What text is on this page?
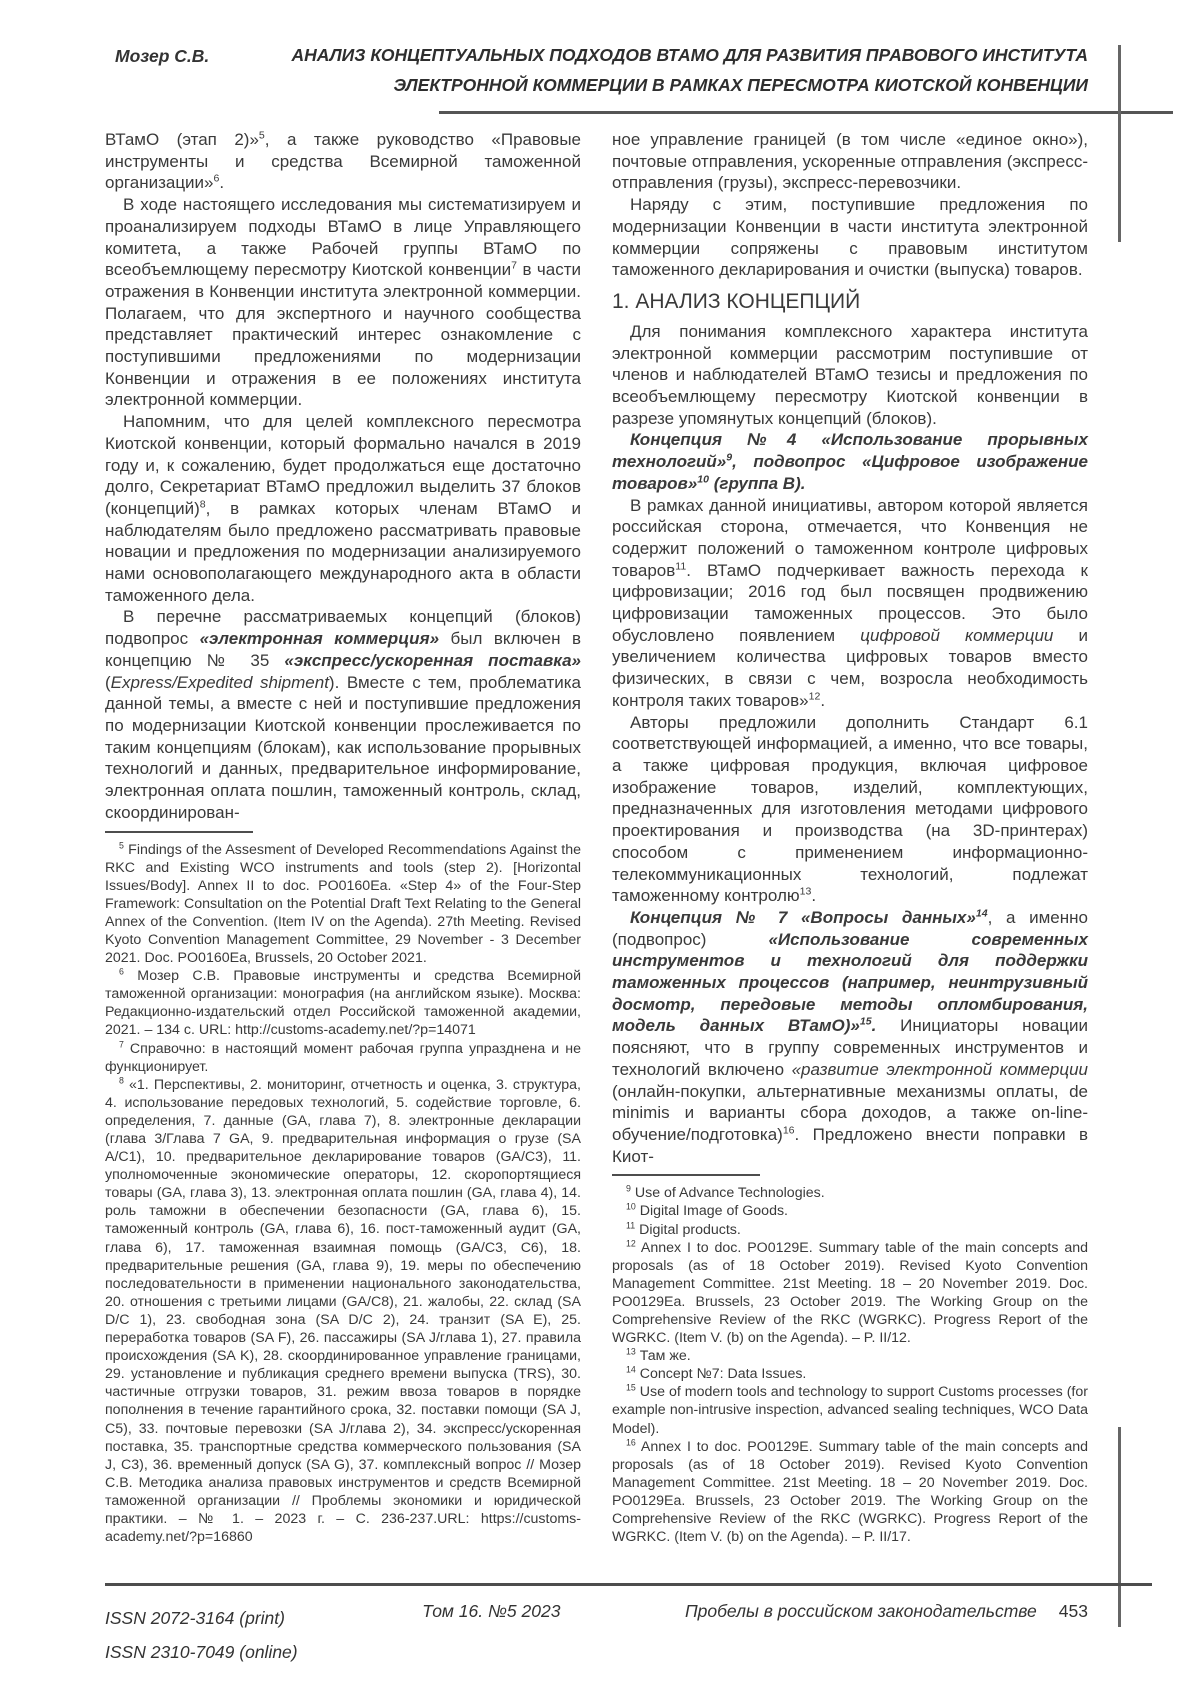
Мозер С.В.	АНАЛИЗ КОНЦЕПТУАЛЬНЫХ ПОДХОДОВ ВТАМО ДЛЯ РАЗВИТИЯ ПРАВОВОГО ИНСТИТУТА
ЭЛЕКТРОННОЙ КОММЕРЦИИ В РАМКАХ ПЕРЕСМОТРА КИОТСКОЙ КОНВЕНЦИИ

ВТамО (этап 2)»$^5$, а также руководство «Правовые инструменты и средства Всемирной таможенной организации»$^6$.

В ходе настоящего исследования мы систематизируем и проанализируем подходы ВТамО в лице Управляющего комитета, а также Рабочей группы ВТамО по всеобъемлющему пересмотру Киотской конвенции$^7$ в части отражения в Конвенции института электронной коммерции. Полагаем, что для экспертного и научного сообщества представляет практический интерес ознакомление с поступившими предложениями по модернизации Конвенции и отражения в ее положениях института электронной коммерции.

Напомним, что для целей комплексного пересмотра Киотской конвенции, который формально начался в 2019 году и, к сожалению, будет продолжаться еще достаточно долго, Секретариат ВТамО предложил выделить 37 блоков (концепций)$^8$, в рамках которых членам ВТамО и наблюдателям было предложено рассматривать правовые новации и предложения по модернизации анализируемого нами основополагающего международного акта в области таможенного дела.

В перечне рассматриваемых концепций (блоков) подвопрос «электронная коммерция» был включен в концепцию № 35 «экспресс/ускоренная поставка» (Express/Expedited shipment). Вместе с тем, проблематика данной темы, а вместе с ней и поступившие предложения по модернизации Киотской конвенции прослеживается по таким концепциям (блокам), как использование прорывных технологий и данных, предварительное информирование, электронная оплата пошлин, таможенный контроль, склад, скоординирован-

$^5$ Findings of the Assesment of Developed Recommendations Against the RKC and Existing WCO instruments and tools (step 2). [Horizontal Issues/Body]. Annex II to doc. PO0160Ea. «Step 4» of the Four-Step Framework: Consultation on the Potential Draft Text Relating to the General Annex of the Convention. (Item IV on the Agenda). 27th Meeting. Revised Kyoto Convention Management Committee, 29 November - 3 December 2021. Doc. PO0160Ea, Brussels, 20 October 2021.

$^6$ Мозер С.В. Правовые инструменты и средства Всемирной таможенной организации: монография (на английском языке). Москва: Редакционно-издательский отдел Российской таможенной академии, 2021. – 134 с. URL: http://customs-academy.net/?p=14071

$^7$ Справочно: в настоящий момент рабочая группа упразднена и не функционирует.

$^8$ «1. Перспективы, 2. мониторинг, отчетность и оценка, 3. структура, 4. использование передовых технологий, 5. содействие торговле, 6. определения, 7. данные (GA, глава 7), 8. электронные декларации (глава 3/Глава 7 GA, 9. предварительная информация о грузе (SA A/C1), 10. предварительное декларирование товаров (GA/C3), 11. уполномоченные экономические операторы, 12. скоропортящиеся товары (GA, глава 3), 13. электронная оплата пошлин (GA, глава 4), 14. роль таможни в обеспечении безопасности (GA, глава 6), 15. таможенный контроль (GA, глава 6), 16. пост-таможенный аудит (GA, глава 6), 17. таможенная взаимная помощь (GA/C3, C6), 18. предварительные решения (GA, глава 9), 19. меры по обеспечению последовательности в применении национального законодательства, 20. отношения с третьими лицами (GA/C8), 21. жалобы, 22. склад (SA D/C 1), 23. свободная зона (SA D/C 2), 24. транзит (SA E), 25. переработка товаров (SA F), 26. пассажиры (SA J/глава 1), 27. правила происхождения (SA K), 28. скоординированное управление границами, 29. установление и публикация среднего времени выпуска (TRS), 30. частичные отгрузки товаров, 31. режим ввоза товаров в порядке пополнения в течение гарантийного срока, 32. поставки помощи (SA J, C5), 33. почтовые перевозки (SA J/глава 2), 34. экспресс/ускоренная поставка, 35. транспортные средства коммерческого пользования (SA J, C3), 36. временный допуск (SA G), 37. комплексный вопрос // Мозер С.В. Методика анализа правовых инструментов и средств Всемирной таможенной организации // Проблемы экономики и юридической практики. – № 1. – 2023 г. – С. 236-237.URL: https://customs-academy.net/?p=16860

ное управление границей (в том числе «единое окно»), почтовые отправления, ускоренные отправления (экспресс-отправления (грузы), экспресс-перевозчики.

Наряду с этим, поступившие предложения по модернизации Конвенции в части института электронной коммерции сопряжены с правовым институтом таможенного декларирования и очистки (выпуска) товаров.

1. АНАЛИЗ КОНЦЕПЦИЙ

Для понимания комплексного характера института электронной коммерции рассмотрим поступившие от членов и наблюдателей ВТамО тезисы и предложения по всеобъемлющему пересмотру Киотской конвенции в разрезе упомянутых концепций (блоков).

Концепция №4 «Использование прорывных технологий»$^9$, подвопрос «Цифровое изображение товаров»$^{10}$ (группа В).

В рамках данной инициативы, автором которой является российская сторона, отмечается, что Конвенция не содержит положений о таможенном контроле цифровых товаров$^{11}$. ВТамО подчеркивает важность перехода к цифровизации; 2016 год был посвящен продвижению цифровизации таможенных процессов. Это было обусловлено появлением цифровой коммерции и увеличением количества цифровых товаров вместо физических, в связи с чем, возросла необходимость контроля таких товаров»$^{12}$.

Авторы предложили дополнить Стандарт 6.1 соответствующей информацией, а именно, что все товары, а также цифровая продукция, включая цифровое изображение товаров, изделий, комплектующих, предназначенных для изготовления методами цифрового проектирования и производства (на 3D-принтерах) способом с применением информационно-телекоммуникационных технологий, подлежат таможенному контролю$^{13}$.

Концепция № 7 «Вопросы данных»$^{14}$, а именно (подвопрос) «Использование современных инструментов и технологий для поддержки таможенных процессов (например, неинтрузивный досмотр, передовые методы опломбирования, модель данных ВТамО)»$^{15}$. Инициаторы новации поясняют, что в группу современных инструментов и технологий включено «развитие электронной коммерции (онлайн-покупки, альтернативные механизмы оплаты, de minimis и варианты сбора доходов, а также on-line-обучение/подготовка)$^{16}$. Предложено внести поправки в Киот-

$^9$ Use of Advance Technologies.

$^{10}$ Digital Image of Goods.

$^{11}$ Digital products.

$^{12}$ Annex I to doc. PO0129E. Summary table of the main concepts and proposals (as of 18 October 2019). Revised Kyoto Convention Management Committee. 21st Meeting. 18 – 20 November 2019. Doc. PO0129Ea. Brussels, 23 October 2019. The Working Group on the Comprehensive Review of the RKC (WGRKC). Progress Report of the WGRKC. (Item V. (b) on the Agenda). – P. II/12.

$^{13}$ Там же.

$^{14}$ Concept №7: Data Issues.

$^{15}$ Use of modern tools and technology to support Customs processes (for example non-intrusive inspection, advanced sealing techniques, WCO Data Model).

$^{16}$ Annex I to doc. PO0129E. Summary table of the main concepts and proposals (as of 18 October 2019). Revised Kyoto Convention Management Committee. 21st Meeting. 18 – 20 November 2019. Doc. PO0129Ea. Brussels, 23 October 2019. The Working Group on the Comprehensive Review of the RKC (WGRKC). Progress Report of the WGRKC. (Item V. (b) on the Agenda). – P. II/17.

ISSN 2072-3164 (print)
ISSN 2310-7049 (online)
Том 16. №5 2023	Пробелы в российском законодательстве 453
